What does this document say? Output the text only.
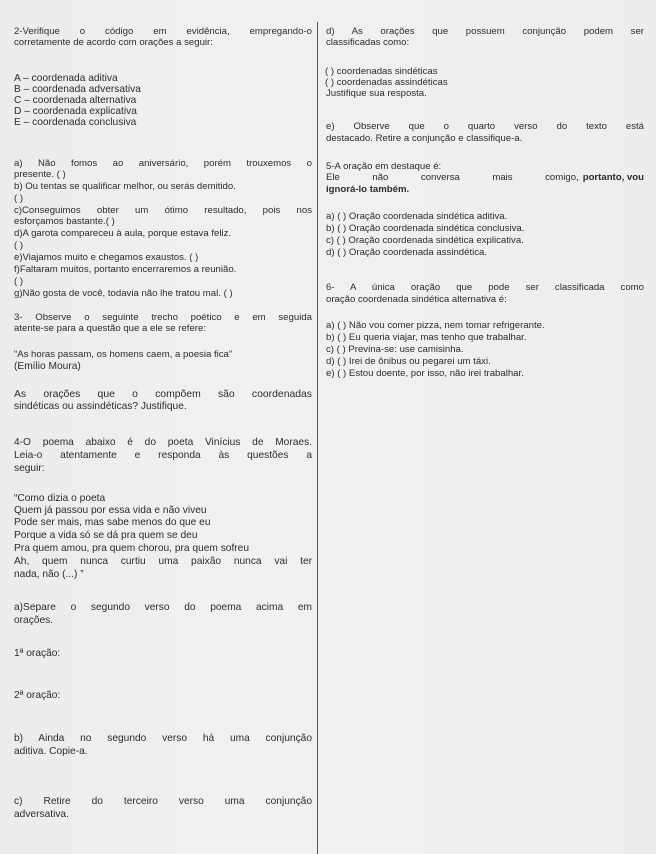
2-Verifique o código em evidência, empregando-o
corretamente de acordo com orações a seguir:
A – coordenada aditiva
B – coordenada adversativa
C – coordenada alternativa
D – coordenada explicativa
E – coordenada conclusiva
a) Não fomos ao aniversário, porém trouxemos o
presente. ( )
b) Ou tentas se qualificar melhor, ou serás demitido.
( )
c)Conseguimos obter um ótimo resultado, pois nos
esforçamos bastante.( )
d)A garota compareceu à aula, porque estava feliz.
( )
e)Viajamos muito e chegamos exaustos. ( )
f)Faltaram muitos, portanto encerraremos a reunião.
( )
g)Não gosta de você, todavia não lhe tratou mal. ( )
3- Observe o seguinte trecho poético e em seguida
atente-se para a questão que a ele se refere:
“As horas passam, os homens caem, a poesia fica”
(Emílio Moura)
As orações que o compõem são coordenadas
sindéticas ou assindéticas? Justifique.
4-O poema abaixo é do poeta Vinícius de Moraes.
Leia-o atentamente e responda às questões a
seguir:
“Como dizia o poeta
Quem já passou por essa vida e não viveu
Pode ser mais, mas sabe menos do que eu
Porque a vida só se dá pra quem se deu
Pra quem amou, pra quem chorou, pra quem sofreu
Ah, quem nunca curtiu uma paixão nunca vai ter
nada, não (...) ”
a)Separe o segundo verso do poema acima em
orações.
1ª oração:
2ª oração:
b) Ainda no segundo verso há uma conjunção
aditiva. Copie-a.
c) Retire do terceiro verso uma conjunção
adversativa.
d) As orações que possuem conjunção podem ser
classificadas como:
( ) coordenadas sindéticas
( ) coordenadas assindéticas
Justifique sua resposta.
e) Observe que o quarto verso do texto está
destacado. Retire a conjunção e classifique-a.
5-A oração em destaque é:
Ele não conversa mais comigo, portanto, vou
ignorá-lo também.
a) ( ) Oração coordenada sindética aditiva.
b) ( ) Oração coordenada sindética conclusiva.
c) ( ) Oração coordenada sindética explicativa.
d) ( ) Oração coordenada assindética.
6- A única oração que pode ser classificada como
oração coordenada sindética alternativa é:
a) ( ) Não vou comer pizza, nem tomar refrigerante.
b) ( ) Eu queria viajar, mas tenho que trabalhar.
c) ( ) Previna-se: use camisinha.
d) ( ) Irei de ônibus ou pegarei um táxi.
e) ( ) Estou doente, por isso, não irei trabalhar.
